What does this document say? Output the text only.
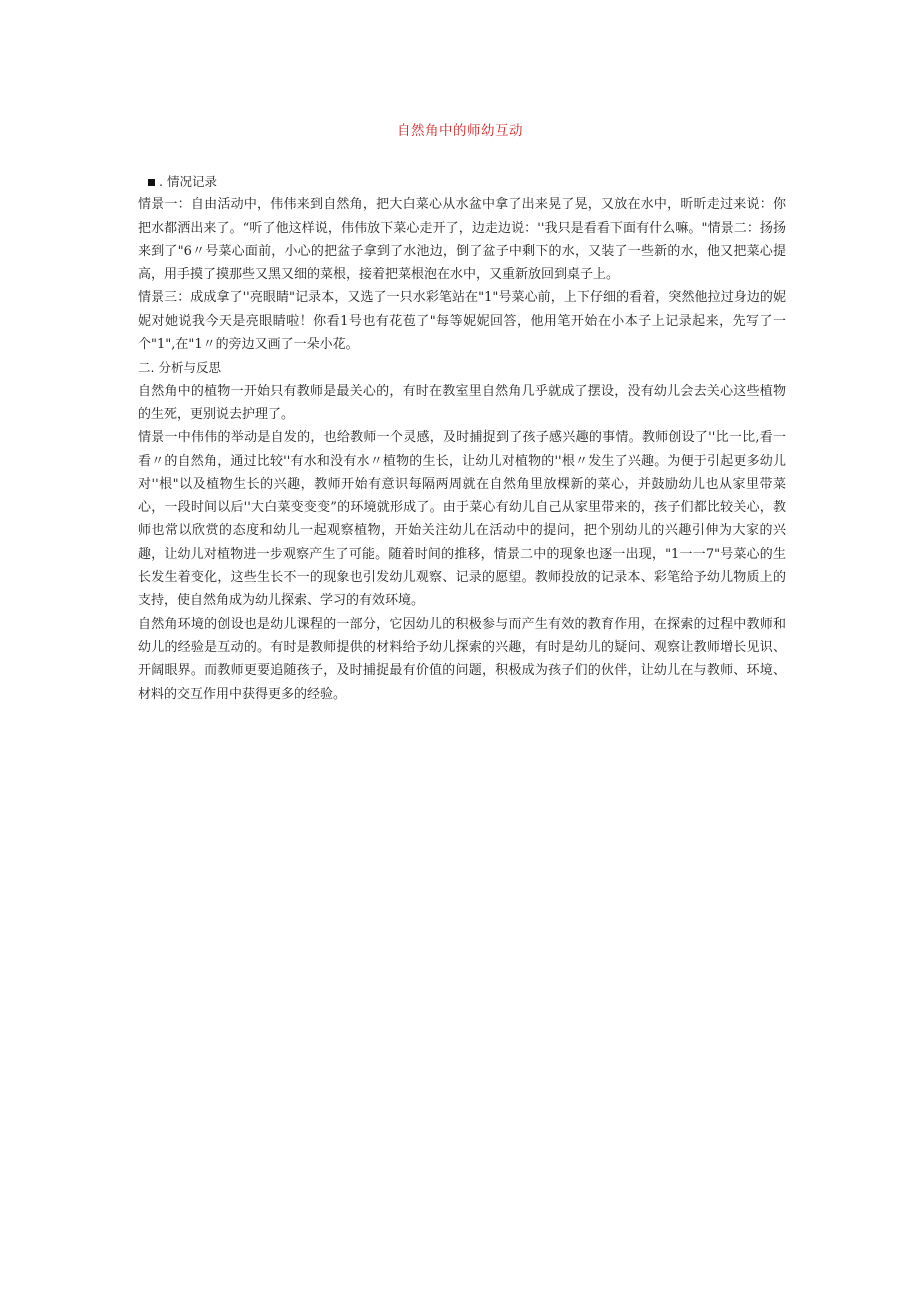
自然角中的师幼互动

. 情况记录

情景一：自由活动中，伟伟来到自然角，把大白菜心从水盆中拿了出来晃了晃，又放在水中，昕昕走过来说：你把水都洒出来了。“听了他这样说，伟伟放下菜心走开了，边走边说：''我只是看看下面有什么嘛。"情景二：扬扬来到了"6〃号菜心面前，小心的把盆子拿到了水池边，倒了盆子中剩下的水，又装了一些新的水，他又把菜心提高，用手摸了摸那些又黑又细的菜根，接着把菜根泡在水中，又重新放回到桌子上。

情景三：成成拿了''亮眼睛"记录本，又选了一只水彩笔站在"1"号菜心前，上下仔细的看着，突然他拉过身边的妮妮对她说我今天是亮眼睛啦！你看1号也有花苞了"每等妮妮回答，他用笔开始在小本子上记录起来，先写了一个"1",在"1〃的旁边又画了一朵小花。

二. 分析与反思

自然角中的植物一开始只有教师是最关心的，有时在教室里自然角几乎就成了摆设，没有幼儿会去关心这些植物的生死，更别说去护理了。

情景一中伟伟的举动是自发的，也给教师一个灵感，及时捕捉到了孩子感兴趣的事情。教师创设了''比一比,看一看〃的自然角，通过比较''有水和没有水〃植物的生长，让幼儿对植物的''根〃发生了兴趣。为便于引起更多幼儿对''根"以及植物生长的兴趣，教师开始有意识每隔两周就在自然角里放棵新的菜心，并鼓励幼儿也从家里带菜心，一段时间以后''大白菜变变变”的环境就形成了。由于菜心有幼儿自己从家里带来的，孩子们都比较关心，教师也常以欣赏的态度和幼儿一起观察植物，开始关注幼儿在活动中的提问，把个别幼儿的兴趣引伸为大家的兴趣，让幼儿对植物进一步观察产生了可能。随着时间的推移，情景二中的现象也逐一出现，"1一一7"号菜心的生长发生着变化，这些生长不一的现象也引发幼儿观察、记录的愿望。教师投放的记录本、彩笔给予幼儿物质上的支持，使自然角成为幼儿探索、学习的有效环境。

自然角环境的创设也是幼儿课程的一部分，它因幼儿的积极参与而产生有效的教育作用，在探索的过程中教师和幼儿的经验是互动的。有时是教师提供的材料给予幼儿探索的兴趣，有时是幼儿的疑问、观察让教师增长见识、开阔眼界。而教师更要追随孩子，及时捕捉最有价值的问题，积极成为孩子们的伙伴，让幼儿在与教师、环境、材料的交互作用中获得更多的经验。
